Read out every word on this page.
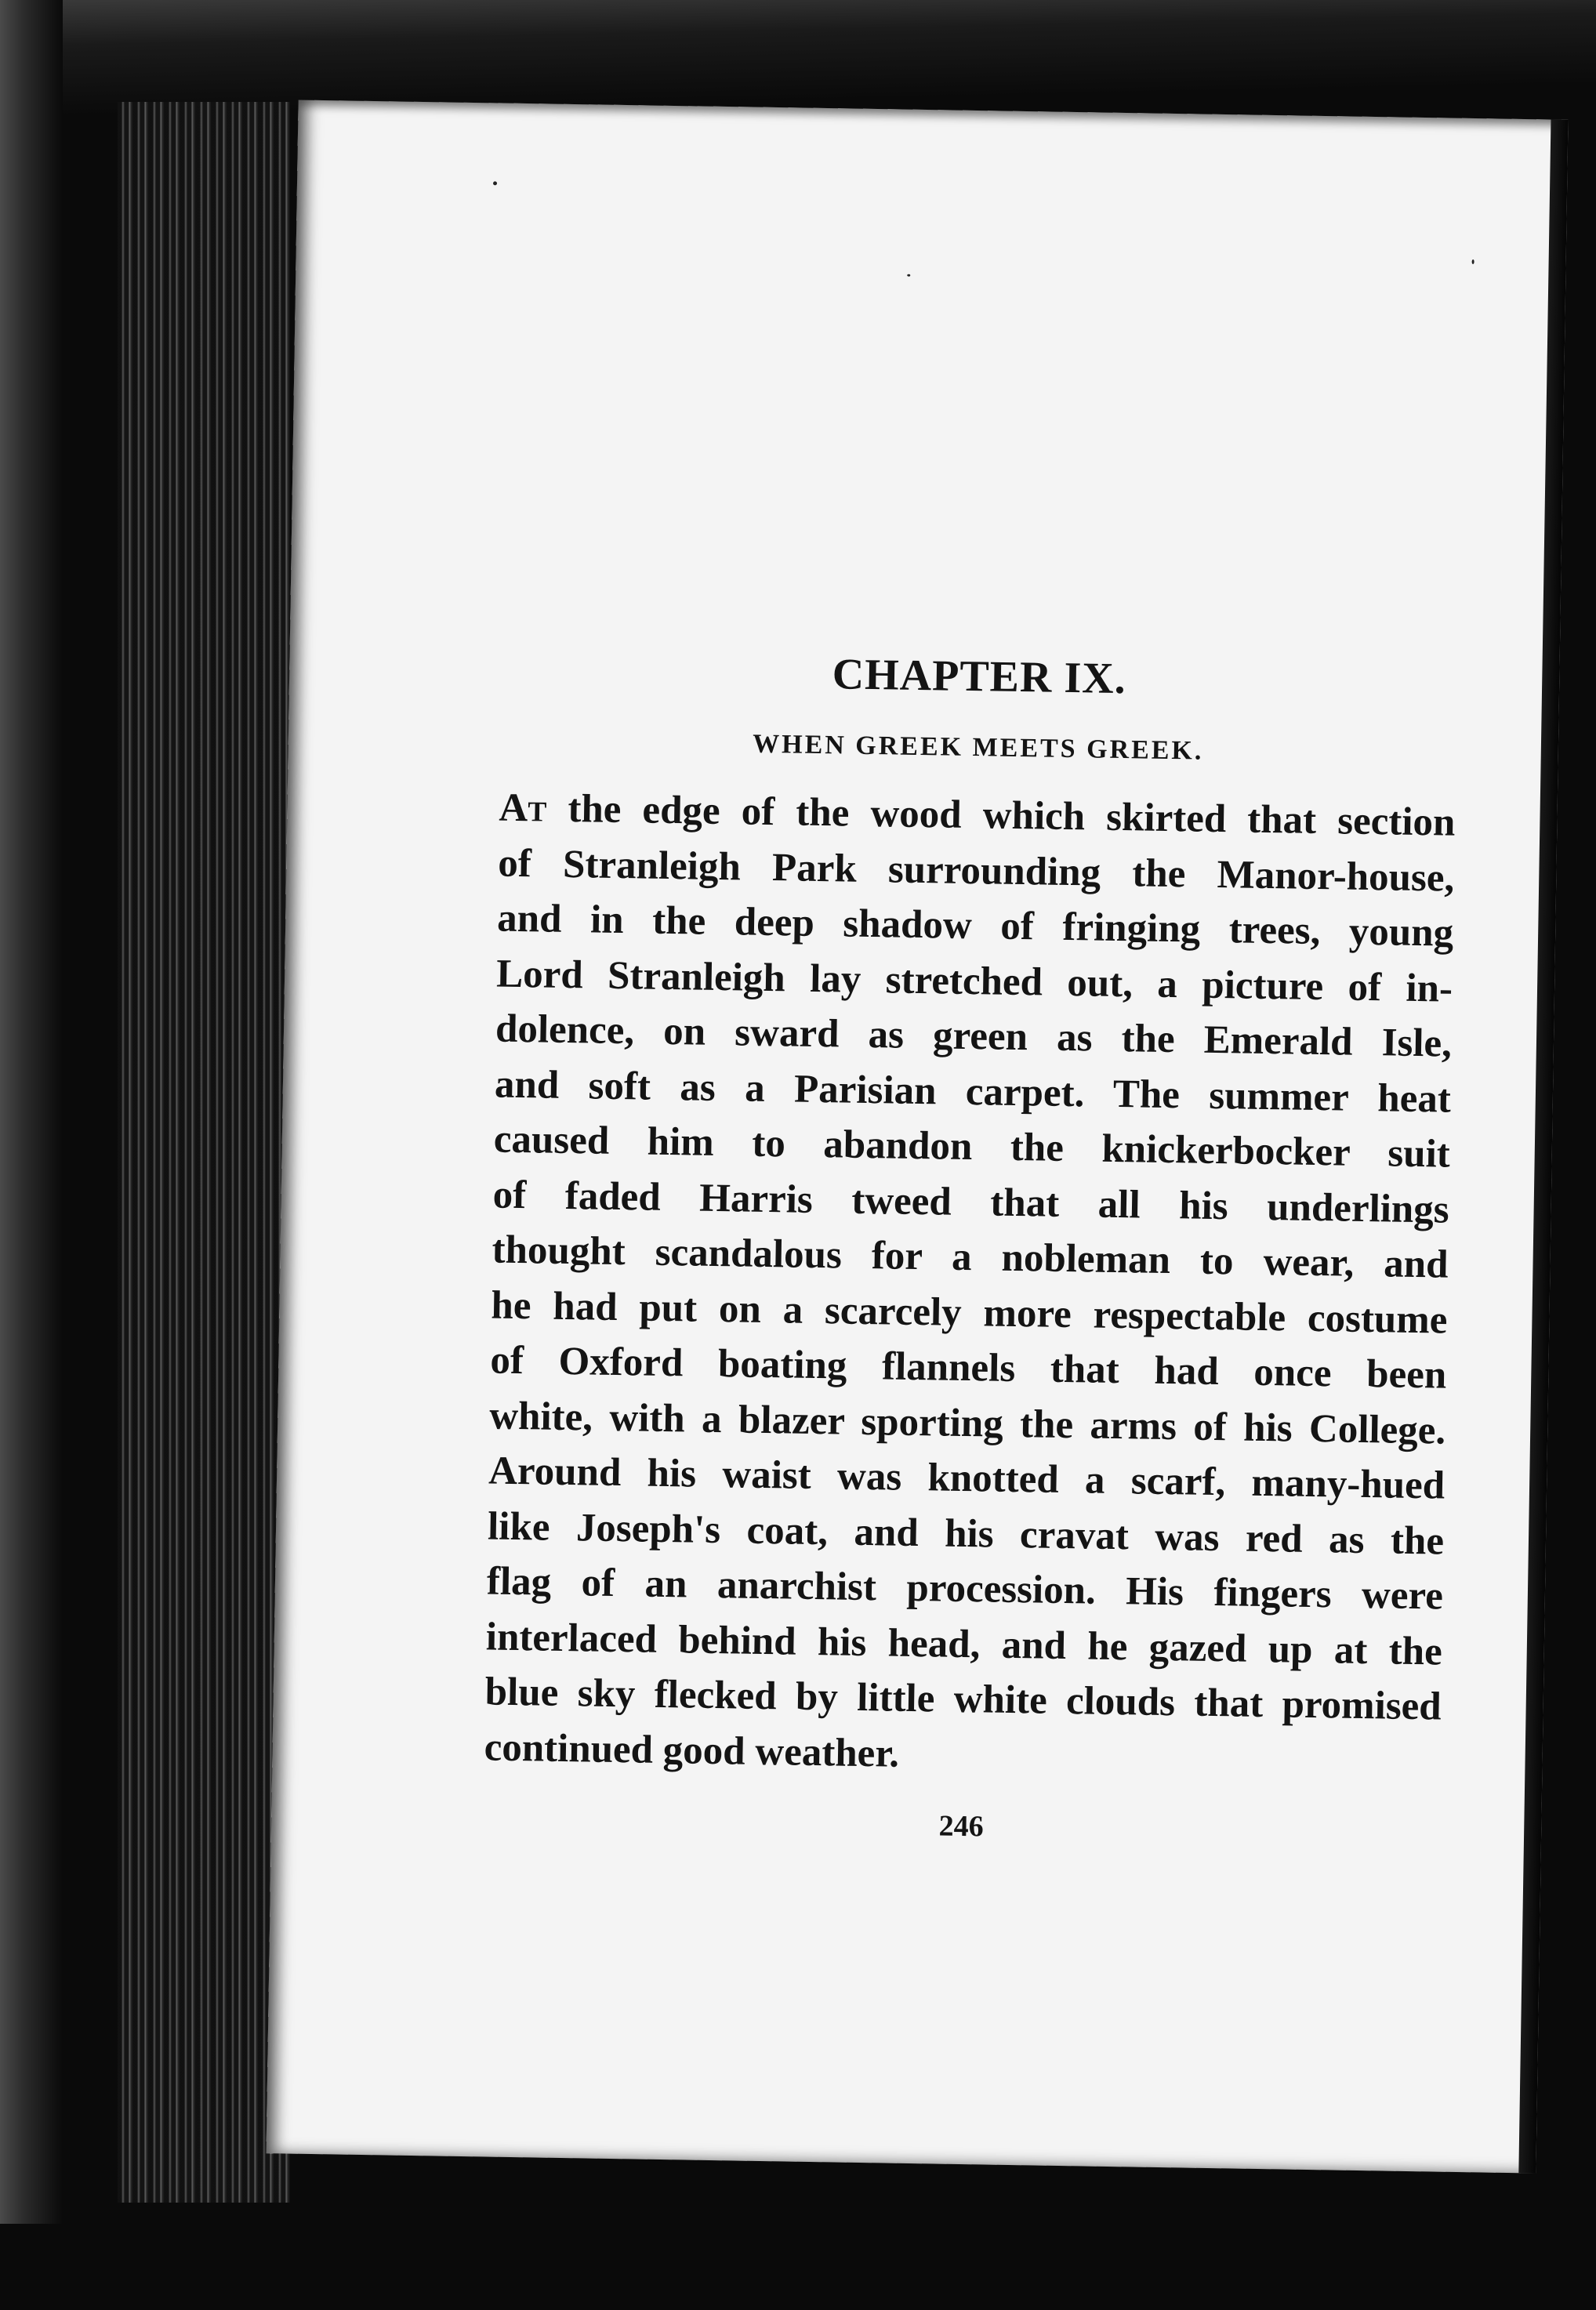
CHAPTER IX.
WHEN GREEK MEETS GREEK.

At the edge of the wood which skirted that section

of Stranleigh Park surrounding the Manor-house,

and in the deep shadow of fringing trees, young

Lord Stranleigh lay stretched out, a picture of in-

dolence, on sward as green as the Emerald Isle,

and soft as a Parisian carpet. The summer heat

caused him to abandon the knickerbocker suit

of faded Harris tweed that all his underlings

thought scandalous for a nobleman to wear, and

he had put on a scarcely more respectable costume

of Oxford boating flannels that had once been

white, with a blazer sporting the arms of his College.

Around his waist was knotted a scarf, many-hued

like Joseph's coat, and his cravat was red as the

flag of an anarchist procession. His fingers were

interlaced behind his head, and he gazed up at the

blue sky flecked by little white clouds that promised

continued good weather.

246
